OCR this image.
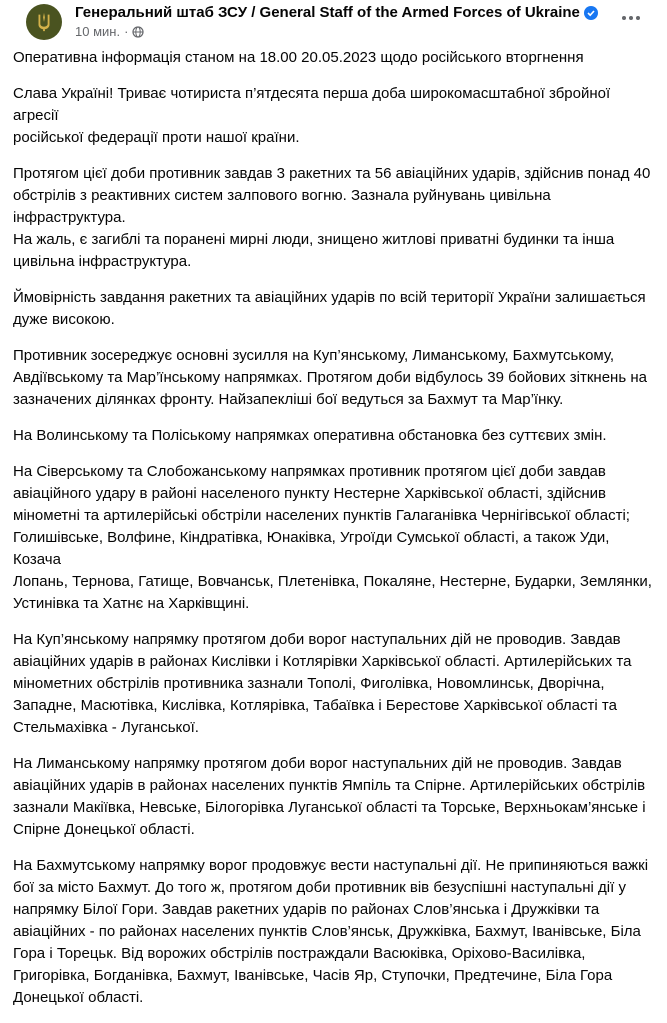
Генеральний штаб ЗСУ / General Staff of the Armed Forces of Ukraine
10 мин. ·

Оперативна інформація станом на 18.00 20.05.2023 щодо російського вторгнення

Слава Україні! Триває чотириста п’ятдесята перша доба широкомасштабної збройної агресії
російської федерації проти нашої країни.

Протягом цієї доби противник завдав 3 ракетних та 56 авіаційних ударів, здійснив понад 40
обстрілів з реактивних систем залпового вогню. Зазнала руйнувань цивільна інфраструктура.
На жаль, є загиблі та поранені мирні люди, знищено житлові приватні будинки та інша
цивільна інфраструктура.

Ймовірність завдання ракетних та авіаційних ударів по всій території України залишається
дуже високою.

Противник зосереджує основні зусилля на Куп’янському, Лиманському, Бахмутському,
Авдіївському та Мар’їнському напрямках. Протягом доби відбулось 39 бойових зіткнень на
зазначених ділянках фронту. Найзапекліші бої ведуться за Бахмут та Мар’їнку.

На Волинському та Поліському напрямках оперативна обстановка без суттєвих змін.

На Сіверському та Слобожанському напрямках противник протягом цієї доби завдав
авіаційного удару в районі населеного пункту Нестерне Харківської області, здійснив
мінометні та артилерійські обстріли населених пунктів Галаганівка Чернігівської області;
Голишівське, Волфине, Кіндратівка, Юнаківка, Угроїди Сумської області, а також Уди, Козача
Лопань, Тернова, Гатище, Вовчанськ, Плетенівка, Покаляне, Нестерне, Бударки, Землянки,
Устинівка та Хатнє на Харківщині.

На Куп’янському напрямку протягом доби ворог наступальних дій не проводив. Завдав
авіаційних ударів в районах Кислівки і Котлярівки Харківської області. Артилерійських та
мінометних обстрілів противника зазнали Тополі, Фиголівка, Новомлинськ, Дворічна,
Западне, Масютівка, Кислівка, Котлярівка, Табаївка і Берестове Харківської області та
Стельмахівка - Луганської.

На Лиманському напрямку протягом доби ворог наступальних дій не проводив. Завдав
авіаційних ударів в районах населених пунктів Ямпіль та Спірне. Артилерійських обстрілів
зазнали Макіївка, Невське, Білогорівка Луганської області та Торське, Верхньокам’янське і
Спірне Донецької області.

На Бахмутському напрямку ворог продовжує вести наступальні дії. Не припиняються важкі
бої за місто Бахмут. До того ж, протягом доби противник вів безуспішні наступальні дії у
напрямку Білої Гори. Завдав ракетних ударів по районах Слов’янська і Дружківки та
авіаційних - по районах населених пунктів Слов’янськ, Дружківка, Бахмут, Іванівське, Біла
Гора і Торецьк. Від ворожих обстрілів постраждали Васюківка, Оріхово-Василівка,
Григорівка, Богданівка, Бахмут, Іванівське, Часів Яр, Ступочки, Предтечине, Біла Гора
Донецької області.
